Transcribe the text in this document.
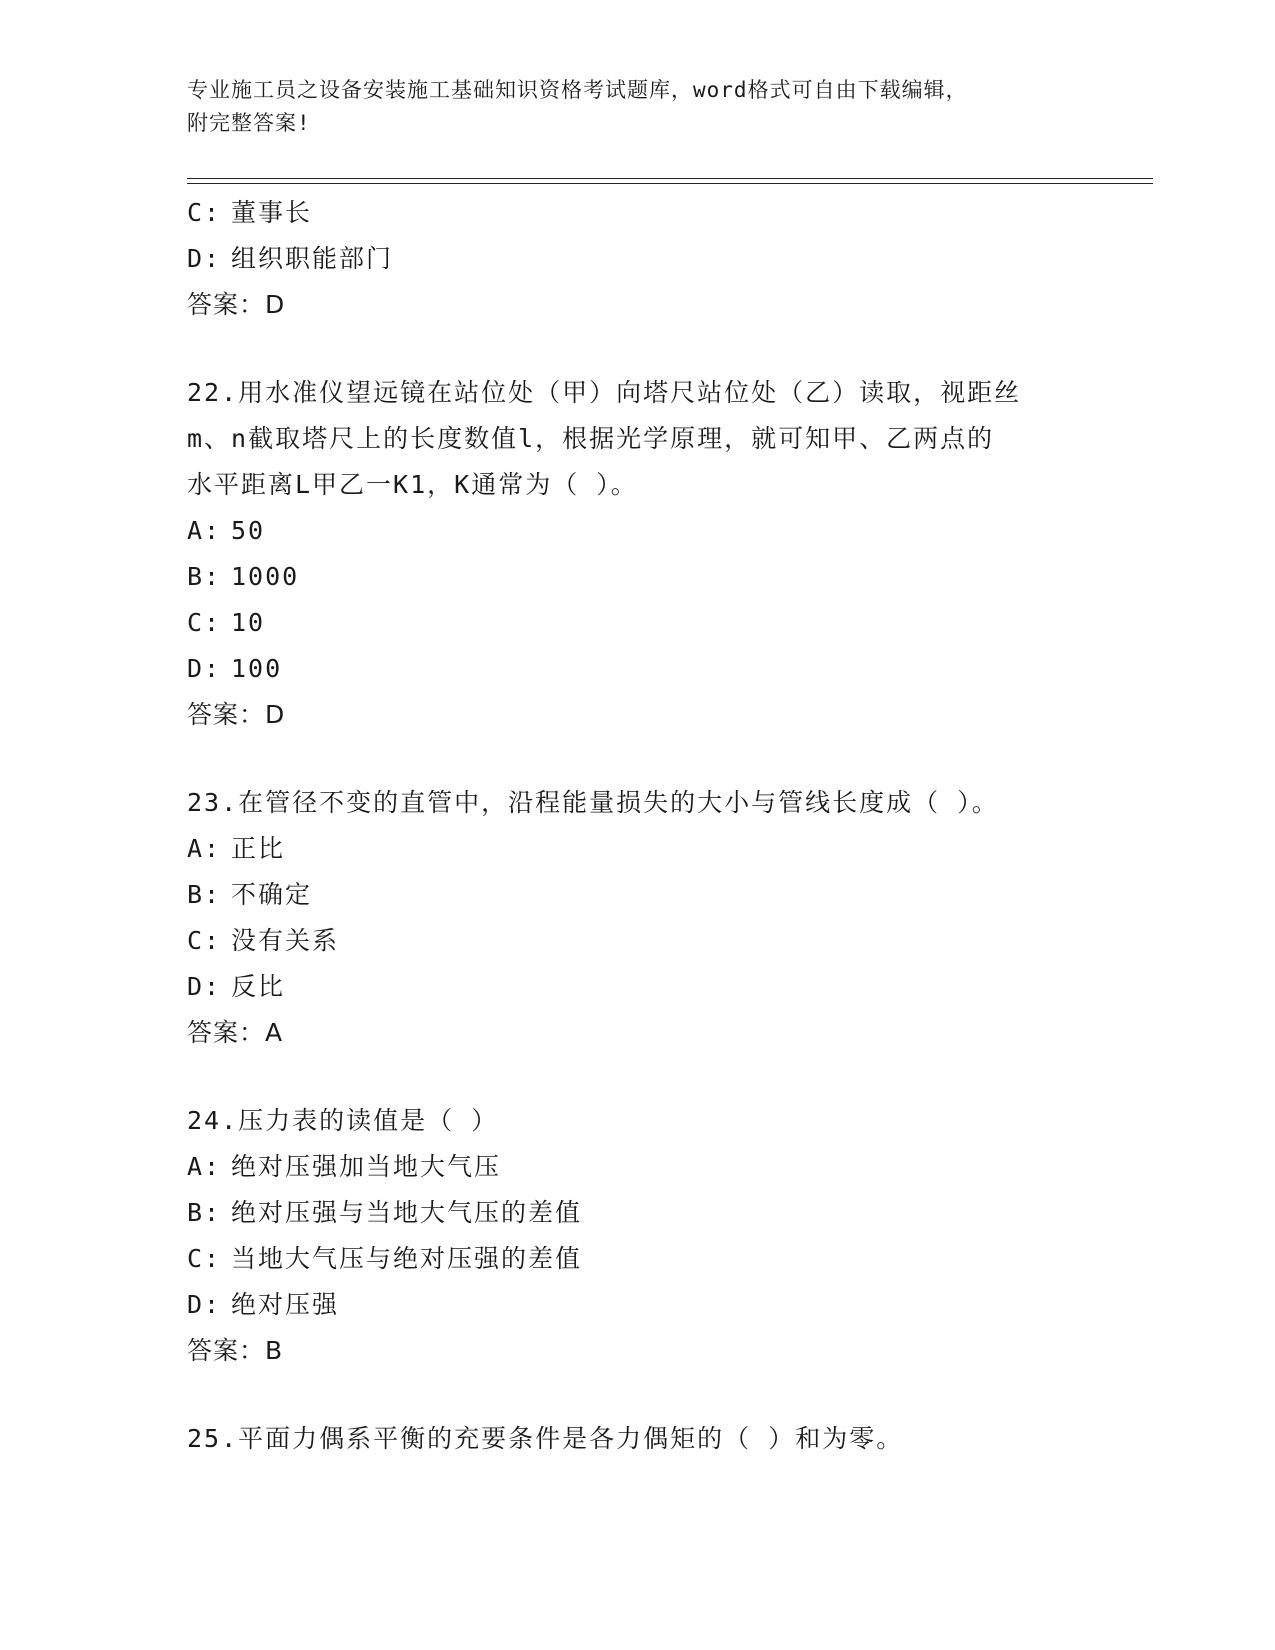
专业施工员之设备安装施工基础知识资格考试题库，word格式可自由下载编辑，
附完整答案!
C: 董事长
D: 组织职能部门
答案：D
22.用水准仪望远镜在站位处（甲）向塔尺站位处（乙）读取，视距丝
m、n截取塔尺上的长度数值l，根据光学原理，就可知甲、乙两点的
水平距离L甲乙一K1，K通常为（ ）。
A: 50
B: 1000
C: 10
D: 100
答案：D
23.在管径不变的直管中，沿程能量损失的大小与管线长度成（ ）。
A: 正比
B: 不确定
C: 没有关系
D: 反比
答案：A
24.压力表的读值是（ ）
A: 绝对压强加当地大气压
B: 绝对压强与当地大气压的差值
C: 当地大气压与绝对压强的差值
D: 绝对压强
答案：B
25.平面力偶系平衡的充要条件是各力偶矩的（ ）和为零。
